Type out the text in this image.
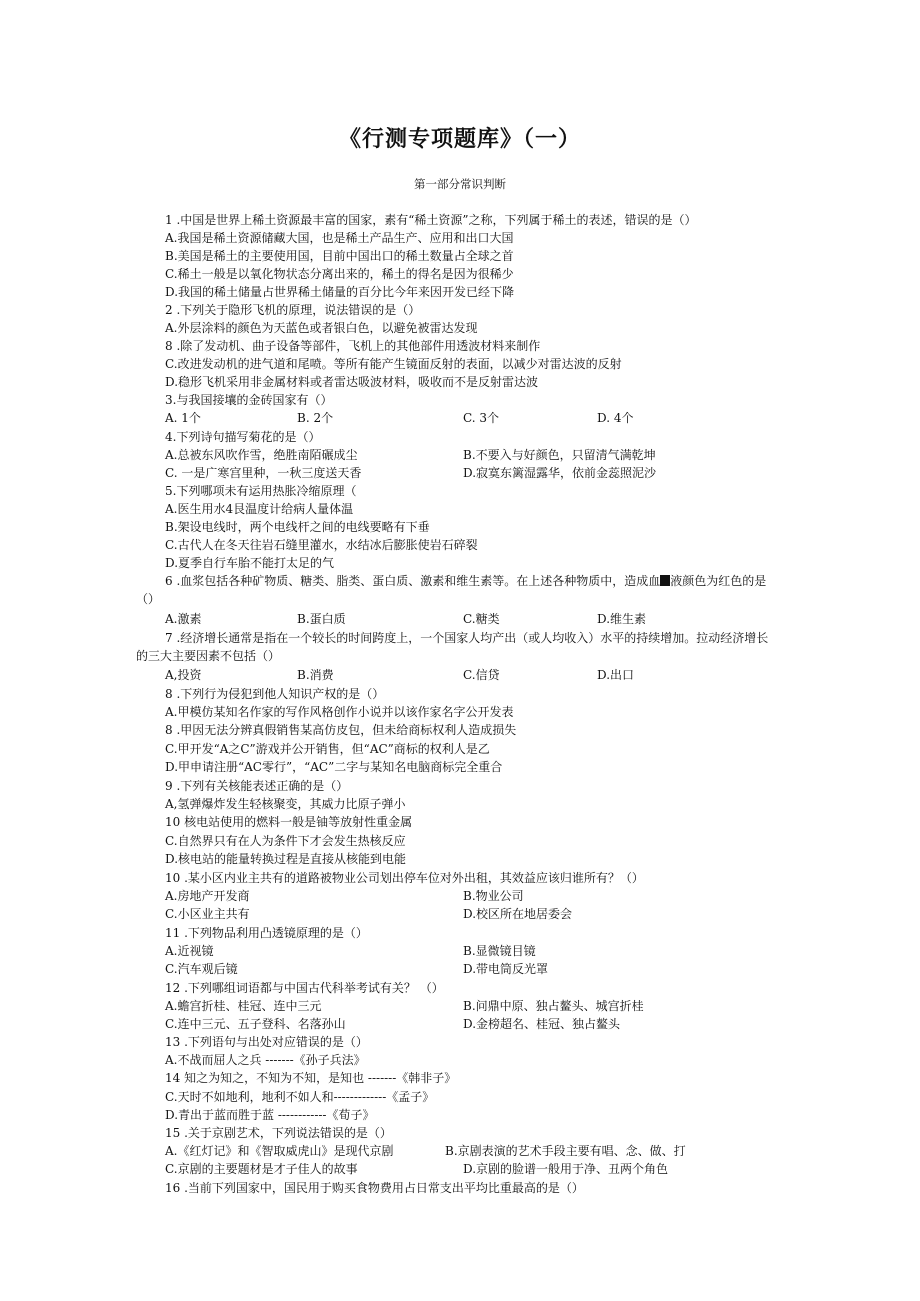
《行测专项题库》（一）
第一部分常识判断
1 .中国是世界上稀土资源最丰富的国家，素有“稀土资源”之称，下列属于稀土的表述，错误的是（）
A.我国是稀土资源储藏大国，也是稀土产品生产、应用和出口大国
B.美国是稀土的主要使用国，目前中国出口的稀土数量占全球之首
C.稀土一般是以氧化物状态分离出来的，稀土的得名是因为很稀少
D.我国的稀土储量占世界稀土储量的百分比今年来因开发已经下降
2 .下列关于隐形飞机的原理，说法错误的是（）
A.外层涂料的颜色为天蓝色或者银白色，以避免被雷达发现
8 .除了发动机、曲子设备等部件，飞机上的其他部件用透波材料来制作
C.改进发动机的进气道和尾喷。等所有能产生镜面反射的表面，以减少对雷达波的反射
D.稳形飞机采用非金属材料或者雷达吸波材料，吸收而不是反射雷达波
3.与我国接壤的金砖国家有（）
A. 1个	B. 2个	C. 3个	D. 4个
4.下列诗句描写菊花的是（）
A.总被东风吹作雪，绝胜南陌碾成尘	B.不要入与好颜色，只留清气满乾坤
C. 一是广寒宫里种，一秋三度送天香	D.寂寞东篱湿露华，依前金蕊照泥沙
5.下列哪项未有运用热胀冷缩原理（
A.医生用水4艮温度计给病人量体温
B.架设电线时，两个电线杆之间的电线要略有下垂
C.古代人在冬天往岩石缝里灌水，水结冰后膨胀使岩石碎裂
D.夏季自行车胎不能打太足的气
6 .血浆包括各种矿物质、糖类、脂类、蛋白质、激素和维生素等。在上述各种物质中，造成血 液颜色为红色的是（）
A.激素	B.蛋白质	C.糖类	D.维生素
7 .经济增长通常是指在一个较长的时间跨度上，一个国家人均产出（或人均收入）水平的持续增加。拉动经济增长的三大主要因素不包括（）
A,投资	B.消费	C.信贷	D.出口
8 .下列行为侵犯到他人知识产权的是（）
A.甲模仿某知名作家的写作风格创作小说并以该作家名字公开发表
8 .甲因无法分辨真假销售某高仿皮包，但未给商标权利人造成损失
C.甲开发“A之C”游戏并公开销售，但“AC”商标的权利人是乙
D.甲申请注册“AC零行”，“AC”二字与某知名电脑商标完全重合
9 .下列有关核能表述正确的是（）
A,氢弹爆炸发生轻核聚变，其威力比原子弹小
10 核电站使用的燃料一般是铀等放射性重金属
C.自然界只有在人为条件下才会发生热核反应
D.核电站的能量转换过程是直接从核能到电能
10 .某小区内业主共有的道路被物业公司划出停车位对外出租，其效益应该归谁所有？（）
A.房地产开发商	B.物业公司
C.小区业主共有	D.校区所在地居委会
11 .下列物品利用凸透镜原理的是（）
A.近视镜	B.显微镜目镜
C.汽车观后镜	D.带电筒反光罩
12 .下列哪组词语都与中国古代科举考试有关？ （）
A.蟾宫折桂、桂冠、连中三元	B.问鼎中原、独占鳌头、城宫折桂
C.连中三元、五子登科、名落孙山	D.金榜超名、桂冠、独占鳌头
13 .下列语句与出处对应错误的是（）
A.不战而屈人之兵 -------《孙子兵法》
14 知之为知之，不知为不知，是知也 -------《韩非子》
C.天时不如地利，地利不如人和-------------《孟子》
D.青出于蓝而胜于蓝 ------------《荀子》
15 .关于京剧艺术，下列说法错误的是（）
A.《红灯记》和《智取威虎山》是现代京剧	B.京剧表演的艺术手段主要有唱、念、做、打
C.京剧的主要题材是才子佳人的故事	D.京剧的脸谱一般用于净、丑两个角色
16 .当前下列国家中，国民用于购买食物费用占日常支出平均比重最高的是（）
